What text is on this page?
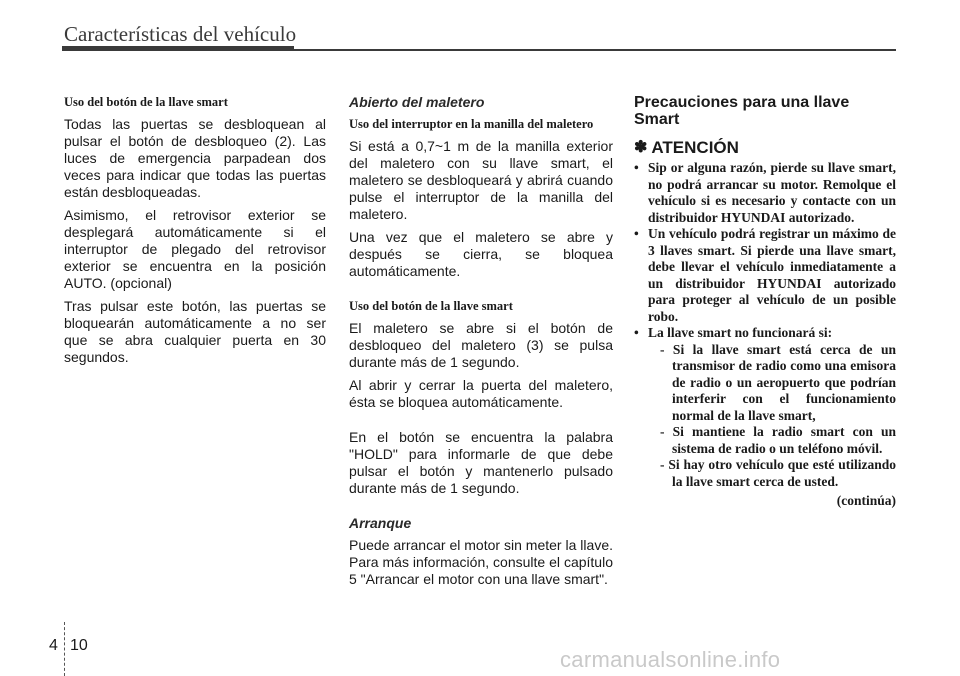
Características del vehículo
Uso del botón de la llave smart

Todas las puertas se desbloquean al pulsar el botón de desbloqueo (2). Las luces de emergencia parpadean dos veces para indicar que todas las puertas están desbloqueadas.

Asimismo, el retrovisor exterior se desplegará automáticamente si el interruptor de plegado del retrovisor exterior se encuentra en la posición AUTO. (opcional)

Tras pulsar este botón, las puertas se bloquearán automáticamente a no ser que se abra cualquier puerta en 30 segundos.

Abierto del maletero
Uso del interruptor en la manilla del maletero

Si está a 0,7~1 m de la manilla exterior del maletero con su llave smart, el maletero se desbloqueará y abrirá cuando pulse el interruptor de la manilla del maletero.

Una vez que el maletero se abre y después se cierra, se bloquea automáticamente.

Uso del botón de la llave smart

El maletero se abre si el botón de desbloqueo del maletero (3) se pulsa durante más de 1 segundo.

Al abrir y cerrar la puerta del maletero, ésta se bloquea automáticamente.

En el botón se encuentra la palabra "HOLD" para informarle de que debe pulsar el botón y mantenerlo pulsado durante más de 1 segundo.

Arranque

Puede arrancar el motor sin meter la llave. Para más información, consulte el capítulo 5 "Arrancar el motor con una llave smart".

Precauciones para una llave Smart
✽ ATENCIÓN
• Sip or alguna razón, pierde su llave smart, no podrá arrancar su motor. Remolque el vehículo si es necesario y contacte con un distribuidor HYUNDAI autorizado.
• Un vehículo podrá registrar un máximo de 3 llaves smart. Si pierde una llave smart, debe llevar el vehículo inmediatamente a un distribuidor HYUNDAI autorizado para proteger al vehículo de un posible robo.
• La llave smart no funcionará si:
- Si la llave smart está cerca de un transmisor de radio como una emisora de radio o un aeropuerto que podrían interferir con el funcionamiento normal de la llave smart,
- Si mantiene la radio smart con un sistema de radio o un teléfono móvil.
- Si hay otro vehículo que esté utilizando la llave smart cerca de usted.
(continúa)
4 10
carmanualsonline.info
